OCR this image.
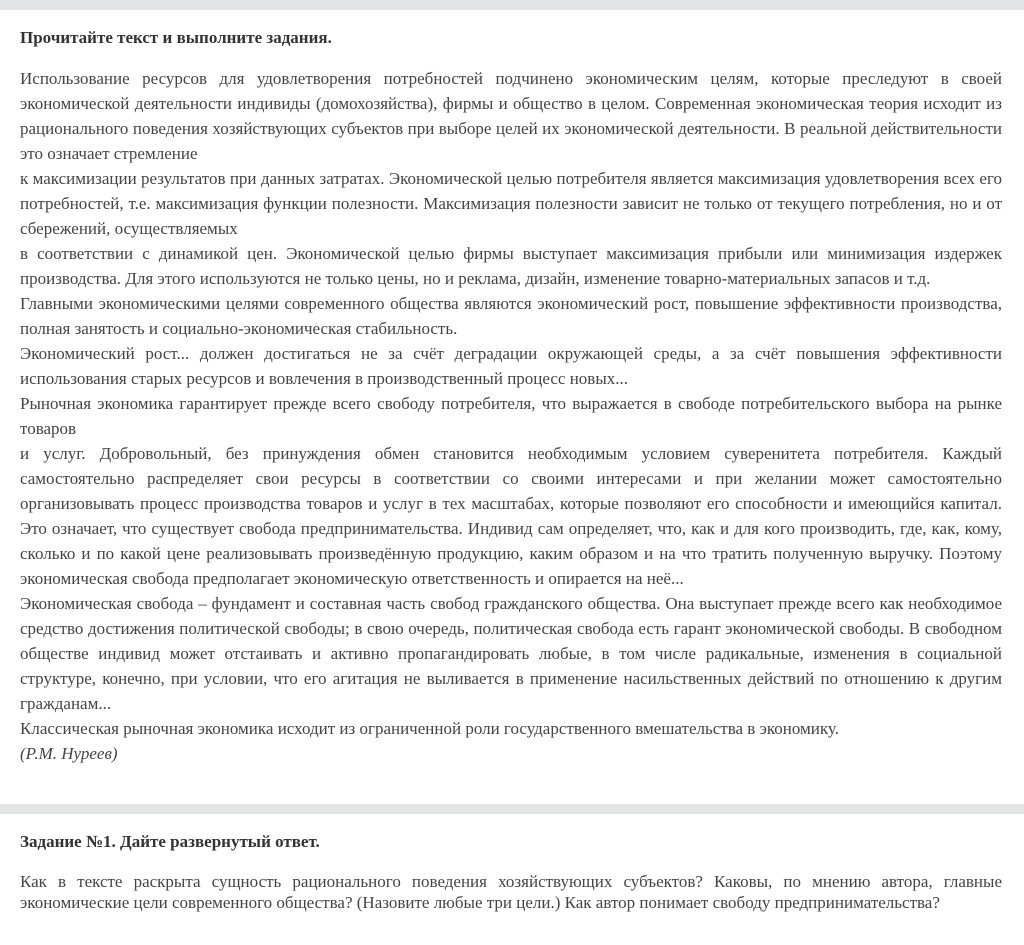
Прочитайте текст и выполните задания.

Использование ресурсов для удовлетворения потребностей подчинено экономическим целям, которые преследуют в своей экономической деятельности индивиды (домохозяйства), фирмы и общество в целом. Современная экономическая теория исходит из рационального поведения хозяйствующих субъектов при выборе целей их экономической деятельности. В реальной действительности это означает стремление

к максимизации результатов при данных затратах. Экономической целью потребителя является максимизация удовлетворения всех его потребностей, т.е. максимизация функции полезности. Максимизация полезности зависит не только от текущего потребления, но и от сбережений, осуществляемых

в соответствии с динамикой цен. Экономической целью фирмы выступает максимизация прибыли или минимизация издержек производства. Для этого используются не только цены, но и реклама, дизайн, изменение товарно-материальных запасов и т.д.

Главными экономическими целями современного общества являются экономический рост, повышение эффективности производства, полная занятость и социально-экономическая стабильность.

Экономический рост... должен достигаться не за счёт деградации окружающей среды, а за счёт повышения эффективности использования старых ресурсов и вовлечения в производственный процесс новых...

Рыночная экономика гарантирует прежде всего свободу потребителя, что выражается в свободе потребительского выбора на рынке товаров

и услуг. Добровольный, без принуждения обмен становится необходимым условием суверенитета потребителя. Каждый самостоятельно распределяет свои ресурсы в соответствии со своими интересами и при желании может самостоятельно организовывать процесс производства товаров и услуг в тех масштабах, которые позволяют его способности и имеющийся капитал. Это означает, что существует свобода предпринимательства. Индивид сам определяет, что, как и для кого производить, где, как, кому, сколько и по какой цене реализовывать произведённую продукцию, каким образом и на что тратить полученную выручку. Поэтому экономическая свобода предполагает экономическую ответственность и опирается на неё...

Экономическая свобода – фундамент и составная часть свобод гражданского общества. Она выступает прежде всего как необходимое средство достижения политической свободы; в свою очередь, политическая свобода есть гарант экономической свободы. В свободном обществе индивид может отстаивать и активно пропагандировать любые, в том числе радикальные, изменения в социальной структуре, конечно, при условии, что его агитация не выливается в применение насильственных действий по отношению к другим гражданам...

Классическая рыночная экономика исходит из ограниченной роли государственного вмешательства в экономику.

(Р.М. Нуреев)

Задание №1. Дайте развернутый ответ.

Как в тексте раскрыта сущность рационального поведения хозяйствующих субъектов? Каковы, по мнению автора, главные экономические цели современного общества? (Назовите любые три цели.) Как автор понимает свободу предпринимательства?
